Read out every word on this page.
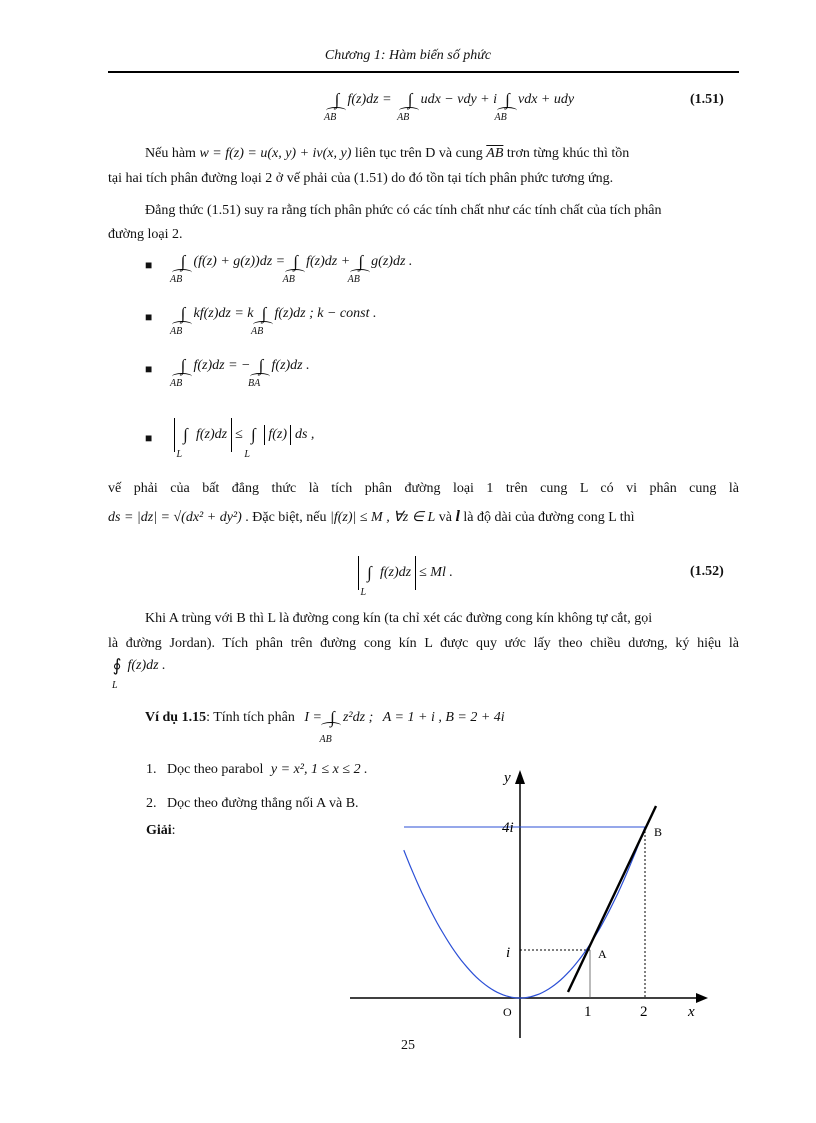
Chương 1: Hàm biến số phức
∫
AB
f(z)dz = ∫
AB
udx − vdy + i ∫
AB
vdx + udy	(1.51)
Nếu hàm w = f(z) = u(x, y) + iv(x, y) liên tục trên D và cung $\overline{AB}$ trơn từng khúc thì tồn
tại hai tích phân đường loại 2 ở vế phải của (1.51) do đó tồn tại tích phân phức tương ứng.
Đẳng thức (1.51) suy ra rằng tích phân phức có các tính chất như các tính chất của tích phân
đường loại 2.
■ ∫
AB
(f(z) + g(z))dz = ∫
AB
f(z)dz + ∫
AB
g(z)dz .
■ ∫
AB
kf(z)dz = k ∫
AB
f(z)dz ; k − const .
■ ∫
AB
f(z)dz = − ∫
BA
f(z)dz .
■	∫
L
f(z)dz ≤ ∫
L
f(z) ds ,
vế phải của bất đẳng thức là tích phân đường loại 1 trên cung L có vi phân cung là
ds = |dz| = √(dx² + dy²) . Đặc biệt, nếu |f(z)| ≤ M , ∀z ∈ L và l là độ dài của đường cong L thì
∫
L
f(z)dz ≤ Ml .	(1.52)
Khi A trùng với B thì L là đường cong kín (ta chỉ xét các đường cong kín không tự cắt, gọi
là đường Jordan). Tích phân trên đường cong kín L được quy ước lấy theo chiều dương, ký hiệu là
∮
L
f(z)dz .
Ví dụ 1.15: Tính tích phân I = ∫
AB
z²dz ; A = 1 + i , B = 2 + 4i
1. Dọc theo parabol y = x², 1 ≤ x ≤ 2 .
2. Dọc theo đường thẳng nối A và B.
Giải:
y
x
O	1	2
i
4i
A
B
25
